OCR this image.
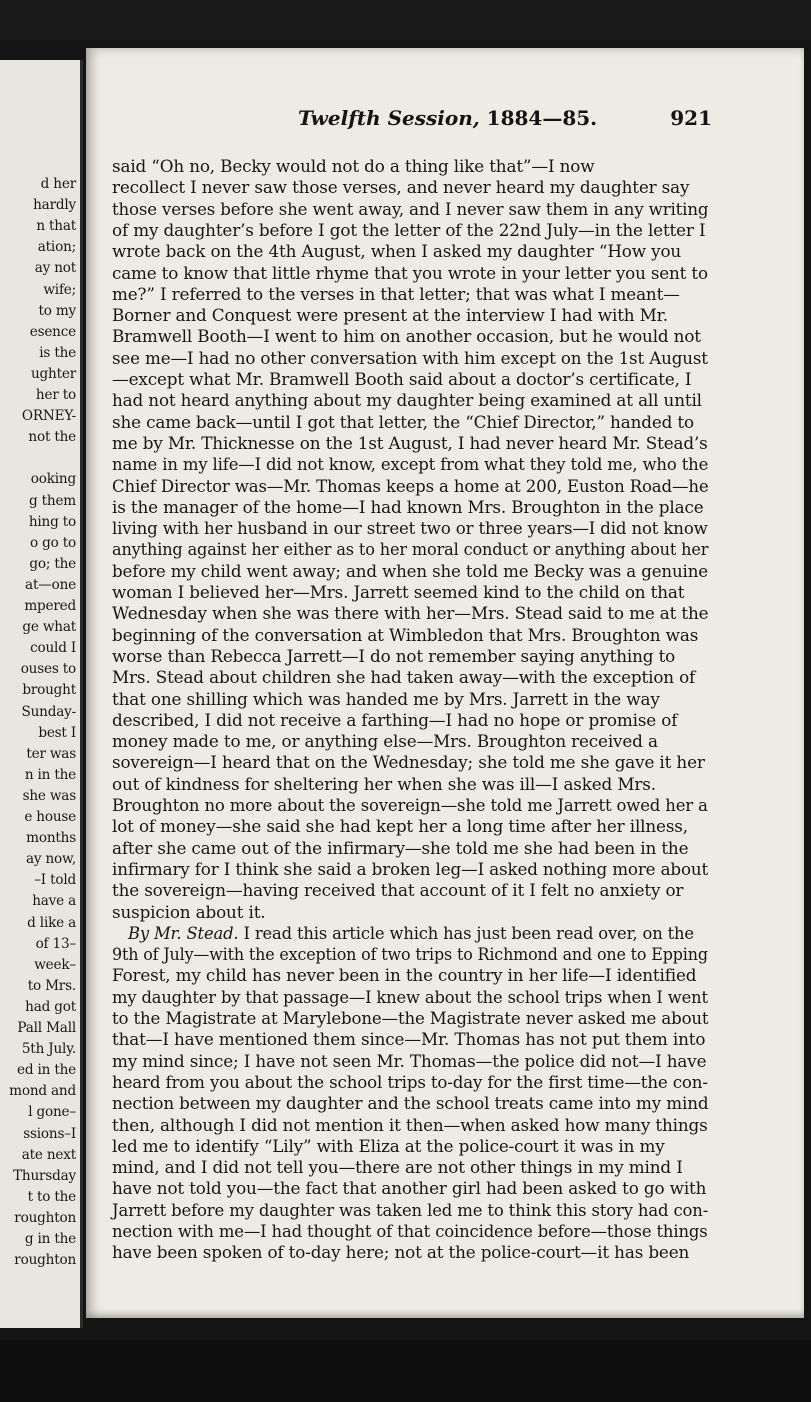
d her
hardly
n that
ation;
ay not
wife;
to my
esence
is the
ughter
her to
ORNEY-
not the
ooking
g them
hing to
o go to
go; the
at—one
mpered
ge what
could I
ouses to
brought
Sunday-
best I
ter was
n in the
she was
e house
months
ay now,
–I told
have a
d like a
of 13–
week–
to Mrs.
had got
Pall Mall
5th July.
ed in the
mond and
l gone–
ssions–I
ate next
Thursday
t to the
roughton
g in the
roughton
Twelfth Session, 1884—85.	921
said “Oh no, Becky would not do a thing like that”—I now
recollect I never saw those verses, and never heard my daughter say
those verses before she went away, and I never saw them in any writing
of my daughter’s before I got the letter of the 22nd July—in the letter I
wrote back on the 4th August, when I asked my daughter “How you
came to know that little rhyme that you wrote in your letter you sent to
me?” I referred to the verses in that letter; that was what I meant—
Borner and Conquest were present at the interview I had with Mr.
Bramwell Booth—I went to him on another occasion, but he would not
see me—I had no other conversation with him except on the 1st August
—except what Mr. Bramwell Booth said about a doctor’s certificate, I
had not heard anything about my daughter being examined at all until
she came back—until I got that letter, the “Chief Director,” handed to
me by Mr. Thicknesse on the 1st August, I had never heard Mr. Stead’s
name in my life—I did not know, except from what they told me, who the
Chief Director was—Mr. Thomas keeps a home at 200, Euston Road—he
is the manager of the home—I had known Mrs. Broughton in the place
living with her husband in our street two or three years—I did not know
anything against her either as to her moral conduct or anything about her
before my child went away; and when she told me Becky was a genuine
woman I believed her—Mrs. Jarrett seemed kind to the child on that
Wednesday when she was there with her—Mrs. Stead said to me at the
beginning of the conversation at Wimbledon that Mrs. Broughton was
worse than Rebecca Jarrett—I do not remember saying anything to
Mrs. Stead about children she had taken away—with the exception of
that one shilling which was handed me by Mrs. Jarrett in the way
described, I did not receive a farthing—I had no hope or promise of
money made to me, or anything else—Mrs. Broughton received a
sovereign—I heard that on the Wednesday; she told me she gave it her
out of kindness for sheltering her when she was ill—I asked Mrs.
Broughton no more about the sovereign—she told me Jarrett owed her a
lot of money—she said she had kept her a long time after her illness,
after she came out of the infirmary—she told me she had been in the
infirmary for I think she said a broken leg—I asked nothing more about
the sovereign—having received that account of it I felt no anxiety or
suspicion about it.
By Mr. Stead. I read this article which has just been read over, on the
9th of July—with the exception of two trips to Richmond and one to Epping
Forest, my child has never been in the country in her life—I identified
my daughter by that passage—I knew about the school trips when I went
to the Magistrate at Marylebone—the Magistrate never asked me about
that—I have mentioned them since—Mr. Thomas has not put them into
my mind since; I have not seen Mr. Thomas—the police did not—I have
heard from you about the school trips to-day for the first time—the con-
nection between my daughter and the school treats came into my mind
then, although I did not mention it then—when asked how many things
led me to identify “Lily” with Eliza at the police-court it was in my
mind, and I did not tell you—there are not other things in my mind I
have not told you—the fact that another girl had been asked to go with
Jarrett before my daughter was taken led me to think this story had con-
nection with me—I had thought of that coincidence before—those things
have been spoken of to-day here; not at the police-court—it has been
